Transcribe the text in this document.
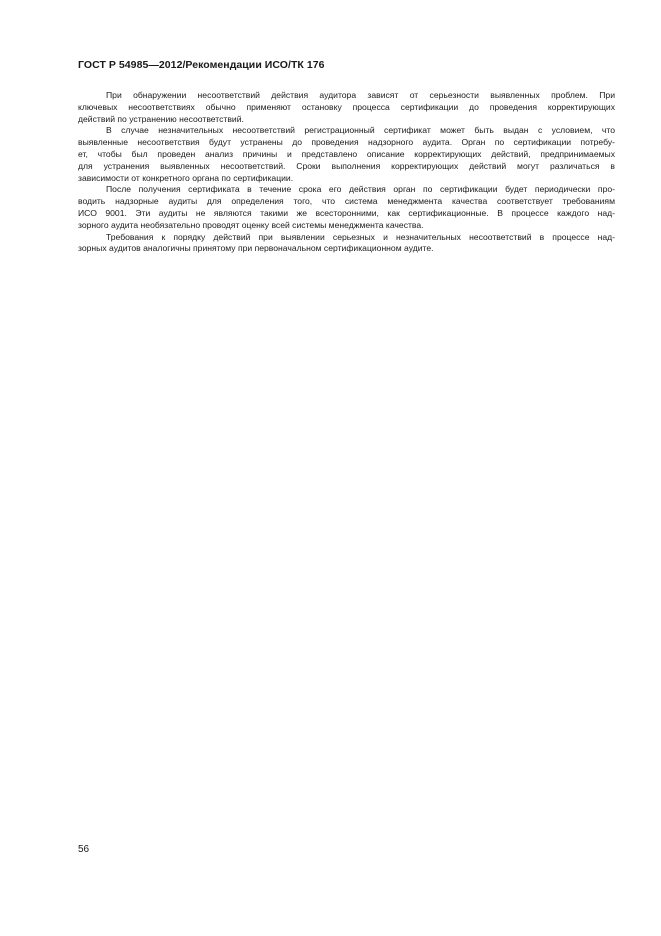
ГОСТ Р 54985—2012/Рекомендации ИСО/ТК 176
При обнаружении несоответствий действия аудитора зависят от серьезности выявленных проблем. При
ключевых несоответствиях обычно применяют остановку процесса сертификации до проведения корректирующих
действий по устранению несоответствий.
В случае незначительных несоответствий регистрационный сертификат может быть выдан с условием, что
выявленные несоответствия будут устранены до проведения надзорного аудита. Орган по сертификации потребу-
ет, чтобы был проведен анализ причины и представлено описание корректирующих действий, предпринимаемых
для устранения выявленных несоответствий. Сроки выполнения корректирующих действий могут различаться в
зависимости от конкретного органа по сертификации.
После получения сертификата в течение срока его действия орган по сертификации будет периодически про-
водить надзорные аудиты для определения того, что система менеджмента качества соответствует требованиям
ИСО 9001. Эти аудиты не являются такими же всесторонними, как сертификационные. В процессе каждого над-
зорного аудита необязательно проводят оценку всей системы менеджмента качества.
Требования к порядку действий при выявлении серьезных и незначительных несоответствий в процессе над-
зорных аудитов аналогичны принятому при первоначальном сертификационном аудите.
56
